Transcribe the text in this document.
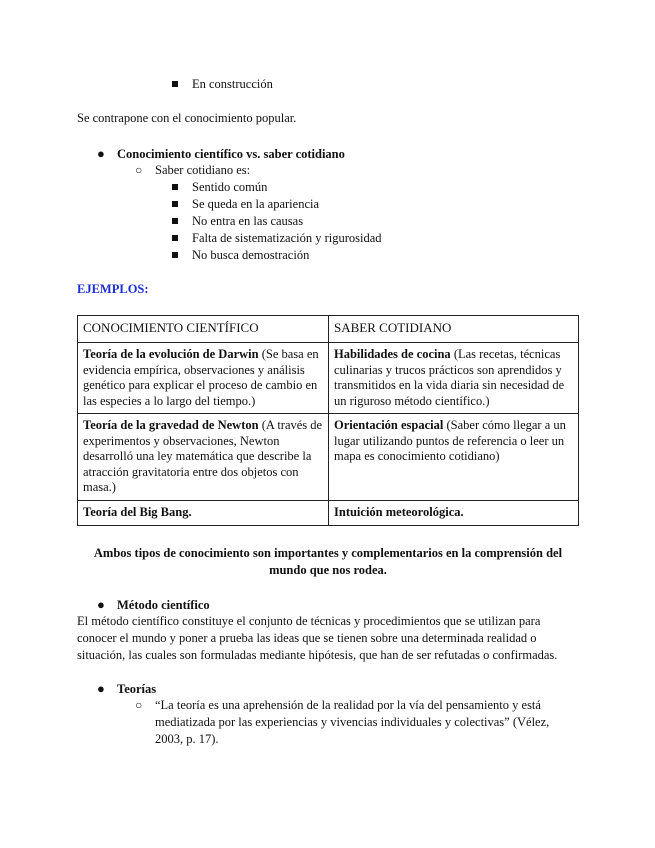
En construcción
Se contrapone con el conocimiento popular.
● Conocimiento científico vs. saber cotidiano
○	Saber cotidiano es:
Sentido común
Se queda en la apariencia
No entra en las causas
Falta de sistematización y rigurosidad
No busca demostración
EJEMPLOS:
CONOCIMIENTO CIENTÍFICO	SABER COTIDIANO
Teoría de la evolución de Darwin (Se basa en evidencia empírica, observaciones y análisis genético para explicar el proceso de cambio en las especies a lo largo del tiempo.)	Habilidades de cocina (Las recetas, técnicas culinarias y trucos prácticos son aprendidos y transmitidos en la vida diaria sin necesidad de un riguroso método científico.)
Teoría de la gravedad de Newton (A través de experimentos y observaciones, Newton desarrolló una ley matemática que describe la atracción gravitatoria entre dos objetos con masa.)	Orientación espacial (Saber cómo llegar a un lugar utilizando puntos de referencia o leer un mapa es conocimiento cotidiano)
Teoría del Big Bang.	Intuición meteorológica.
Ambos tipos de conocimiento son importantes y complementarios en la comprensión del mundo que nos rodea.
● Método científico
El método científico constituye el conjunto de técnicas y procedimientos que se utilizan para conocer el mundo y poner a prueba las ideas que se tienen sobre una determinada realidad o situación, las cuales son formuladas mediante hipótesis, que han de ser refutadas o confirmadas.
● Teorías
○	“La teoría es una aprehensión de la realidad por la vía del pensamiento y está mediatizada por las experiencias y vivencias individuales y colectivas” (Vélez, 2003, p. 17).
